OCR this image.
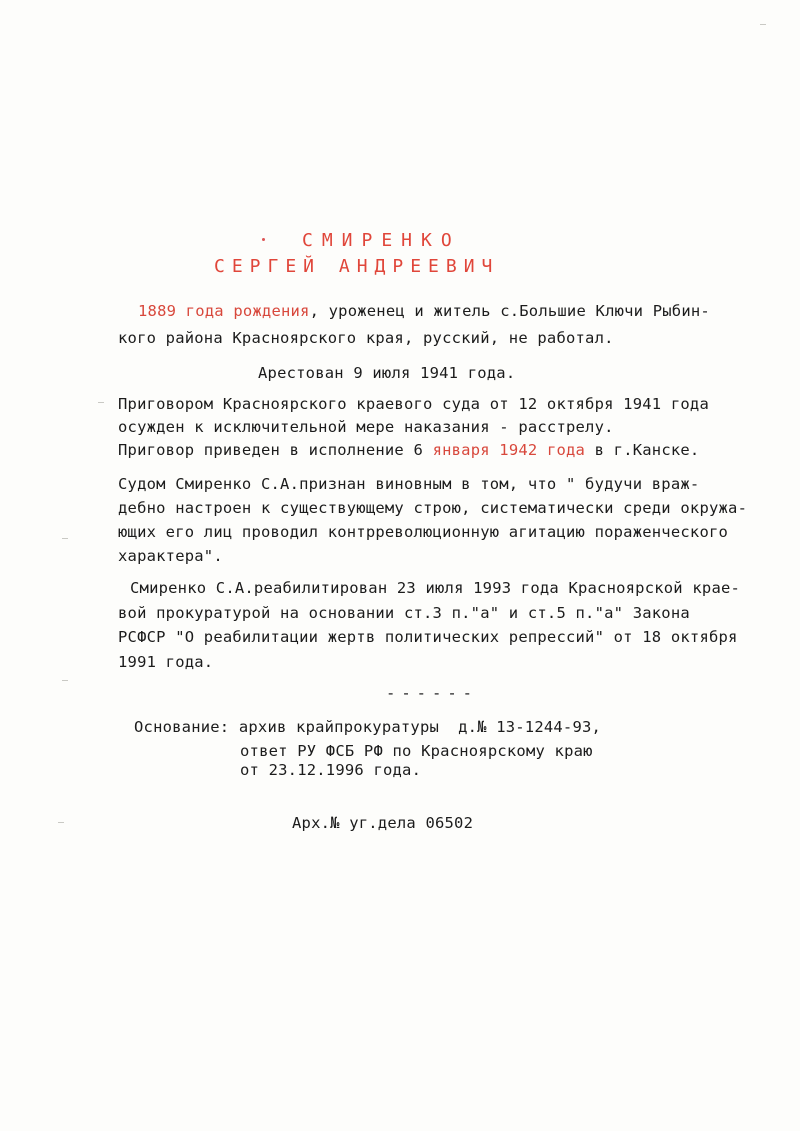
СМИРЕНКО
СЕРГЕЙ АНДРЕЕВИЧ
1889 года рождения, уроженец и житель с.Большие Ключи Рыбин-
кого района Красноярского края, русский, не работал.
Арестован 9 июля 1941 года.
Приговором Красноярского краевого суда от 12 октября 1941 года
осужден к исключительной мере наказания - расстрелу.
Приговор приведен в исполнение 6 января 1942 года в г.Канске.
Судом Смиренко С.А.признан виновным в том, что " будучи враж-
дебно настроен к существующему строю, систематически среди окружа-
ющих его лиц проводил контрреволюционную агитацию пораженческого
характера".
Смиренко С.А.реабилитирован 23 июля 1993 года Красноярской крае-
вой прокуратурой на основании ст.3 п."а" и ст.5 п."а" Закона
РСФСР "О реабилитации жертв политических репрессий" от 18 октября
1991 года.
------
Основание: архив крайпрокуратуры  д.№ 13-1244-93,
ответ РУ ФСБ РФ по Красноярскому краю
от 23.12.1996 года.
Арх.№ уг.дела 06502
